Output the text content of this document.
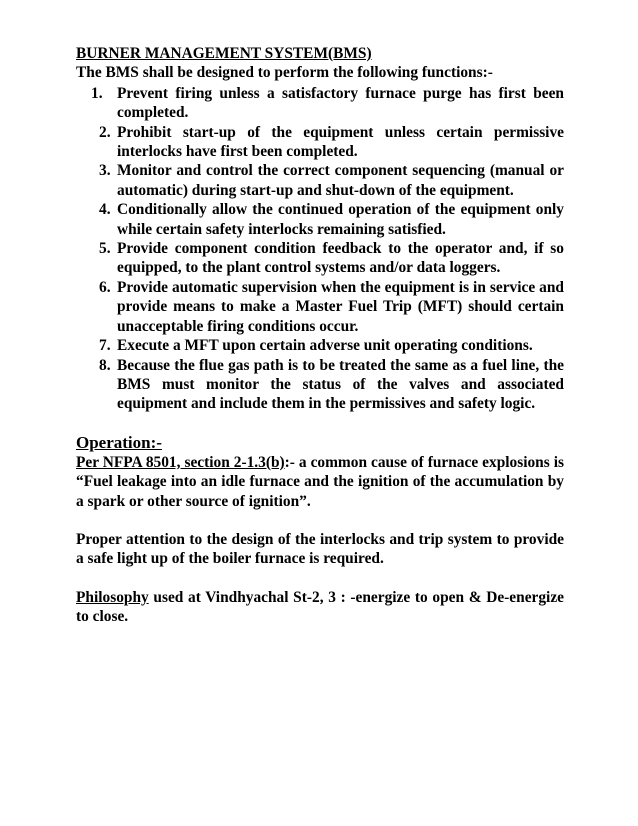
BURNER MANAGEMENT SYSTEM(BMS)

The BMS shall be designed to perform the following functions:-

1. Prevent firing unless a satisfactory furnace purge has first been completed.
2. Prohibit start-up of the equipment unless certain permissive interlocks have first been completed.
3. Monitor and control the correct component sequencing (manual or automatic) during start-up and shut-down of the equipment.
4. Conditionally allow the continued operation of the equipment only while certain safety interlocks remaining satisfied.
5. Provide component condition feedback to the operator and, if so equipped, to the plant control systems and/or data loggers.
6. Provide automatic supervision when the equipment is in service and provide means to make a Master Fuel Trip (MFT) should certain unacceptable firing conditions occur.
7. Execute a MFT upon certain adverse unit operating conditions.
8. Because the flue gas path is to be treated the same as a fuel line, the BMS must monitor the status of the valves and associated equipment and include them in the permissives and safety logic.

Operation:-

Per NFPA 8501, section 2-1.3(b):- a common cause of furnace explosions is “Fuel leakage into an idle furnace and the ignition of the accumulation by a spark or other source of ignition”.

Proper attention to the design of the interlocks and trip system to provide a safe light up of the boiler furnace is required.

Philosophy used at Vindhyachal St-2, 3 : -energize to open & De-energize to close.
